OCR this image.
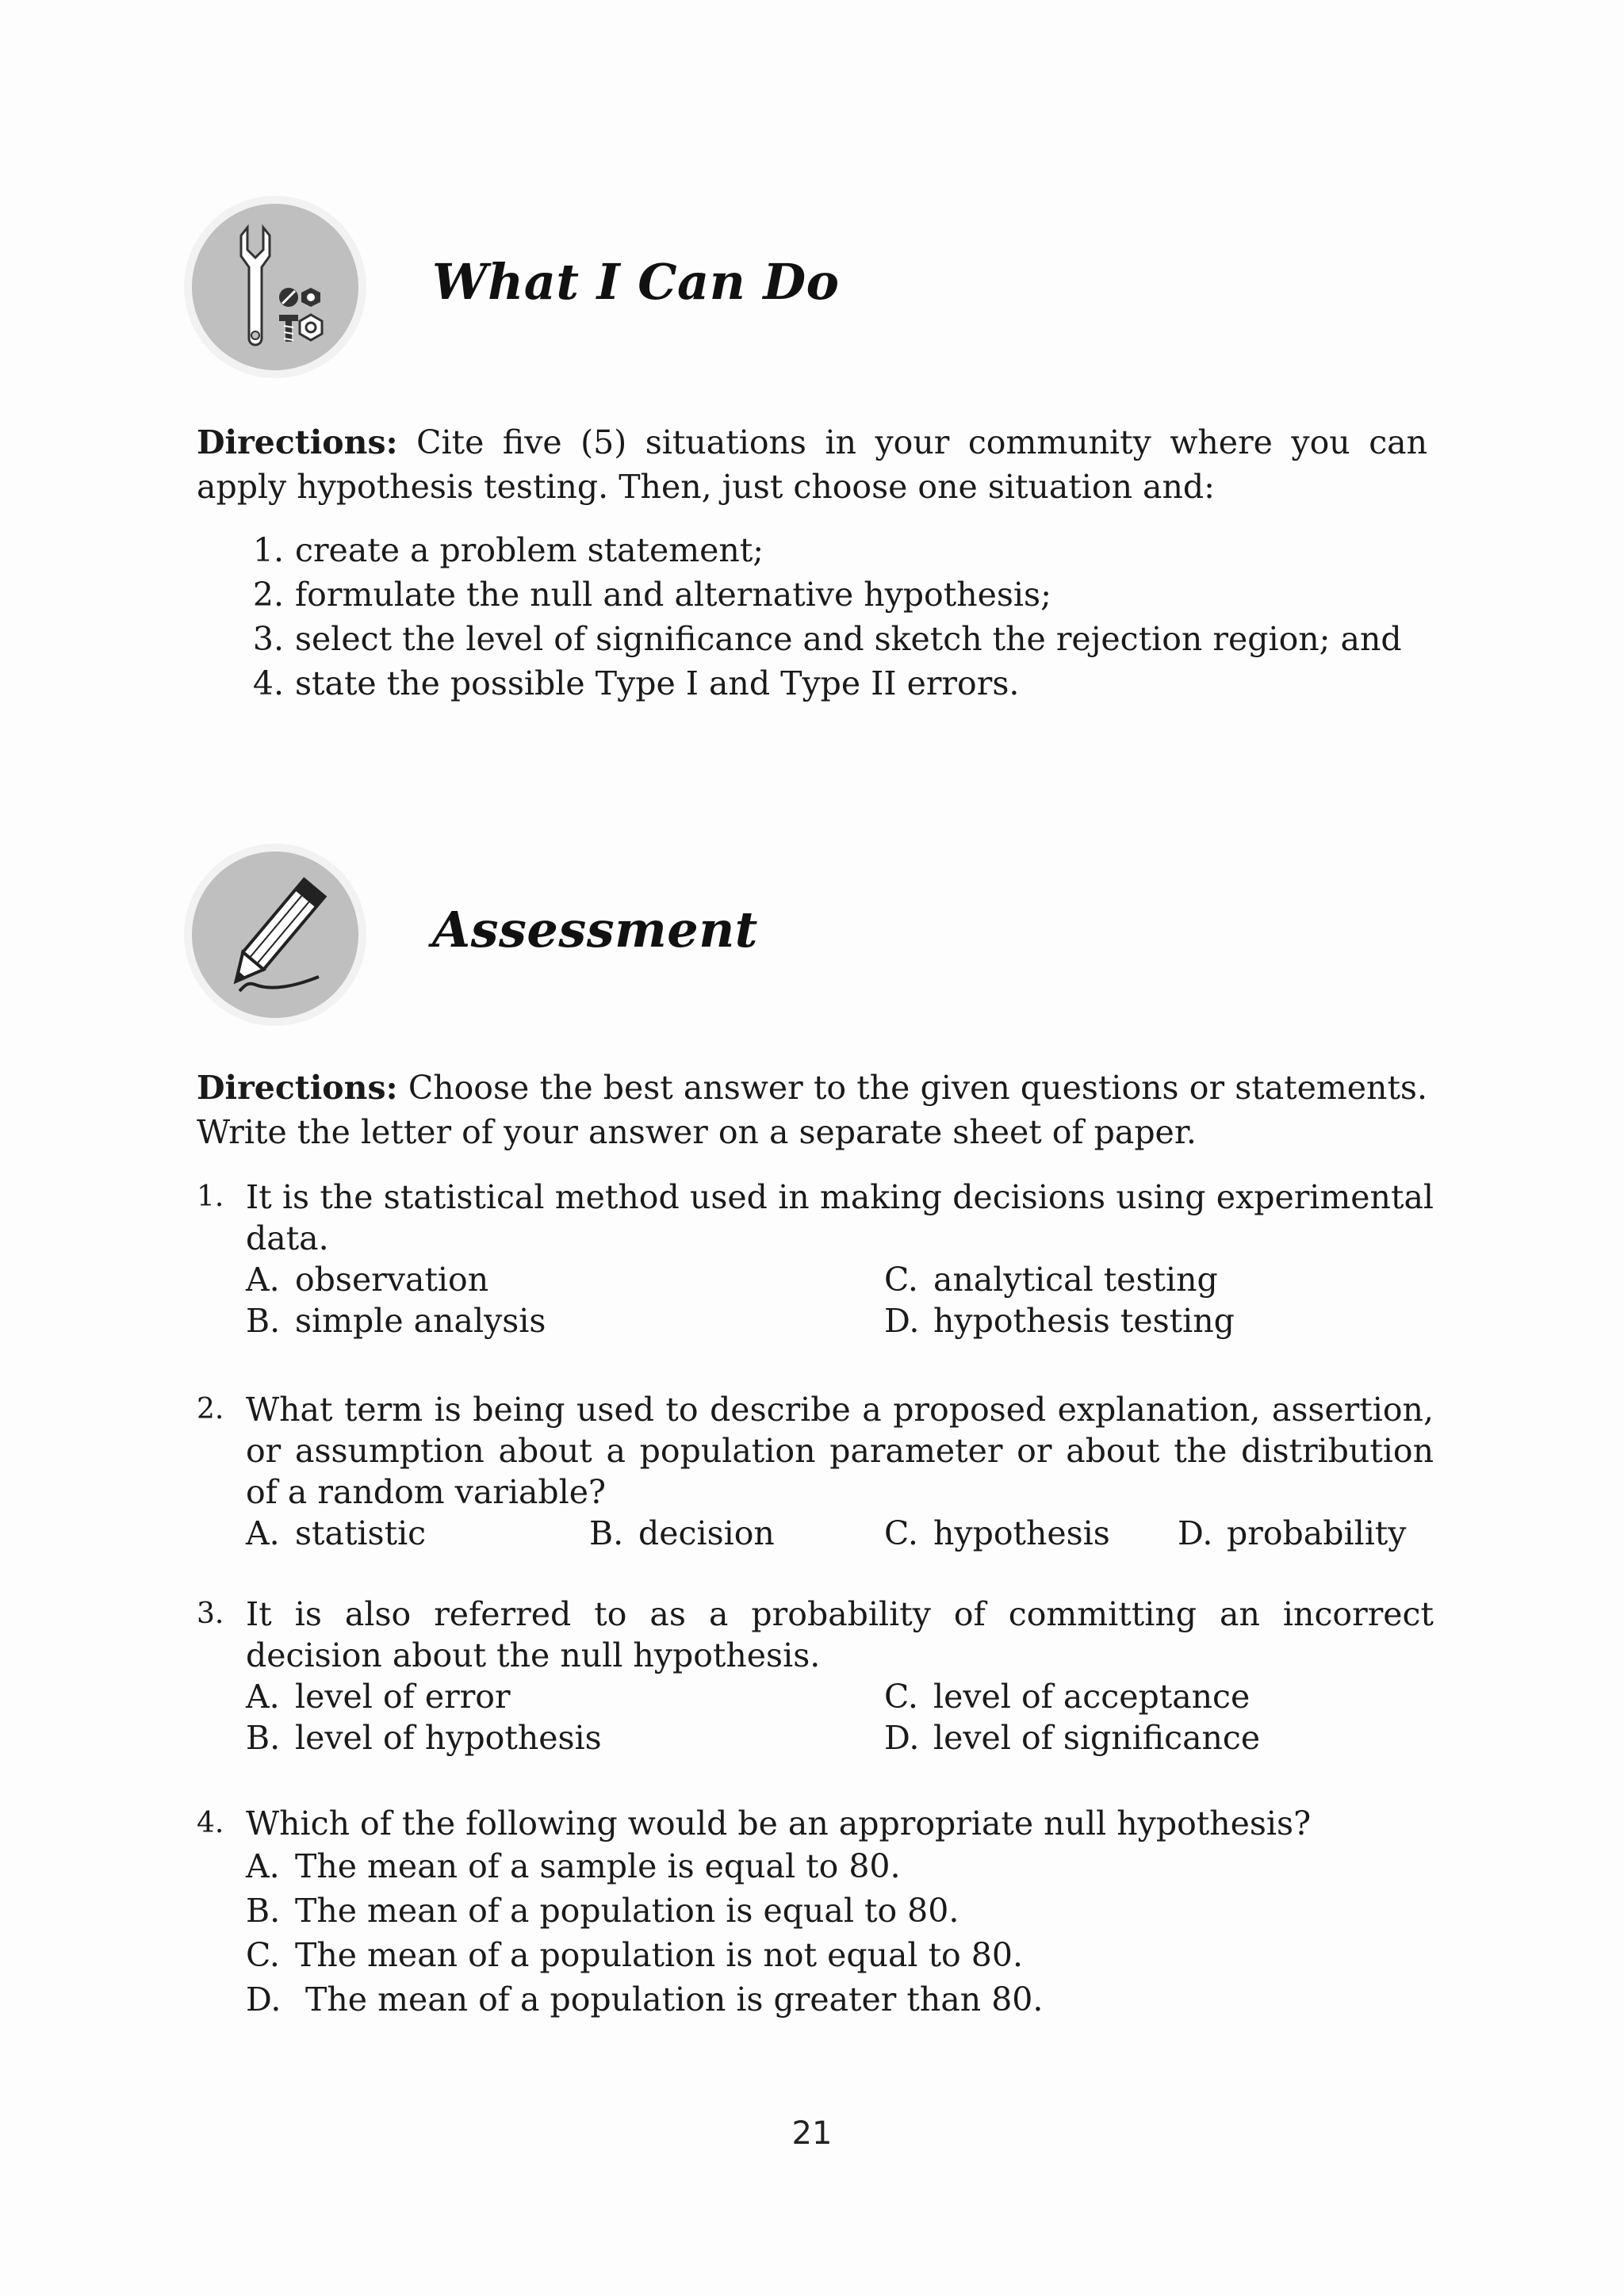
What I Can Do

Directions: Cite five (5) situations in your community where you can apply hypothesis testing. Then, just choose one situation and:

1. create a problem statement;
2. formulate the null and alternative hypothesis;
3. select the level of significance and sketch the rejection region; and
4. state the possible Type I and Type II errors.
Assessment

Directions: Choose the best answer to the given questions or statements. Write the letter of your answer on a separate sheet of paper.

1. It is the statistical method used in making decisions using experimental data.
A. observation	C. analytical testing
B. simple analysis	D. hypothesis testing
2. What term is being used to describe a proposed explanation, assertion, or assumption about a population parameter or about the distribution of a random variable?
A. statistic	B. decision	C. hypothesis D. probability
3. It is also referred to as a probability of committing an incorrect decision about the null hypothesis.
A. level of error	C. level of acceptance
B. level of hypothesis	D. level of significance
4. Which of the following would be an appropriate null hypothesis?
A. The mean of a sample is equal to 80.
B. The mean of a population is equal to 80.
C. The mean of a population is not equal to 80.
D. The mean of a population is greater than 80.
21
